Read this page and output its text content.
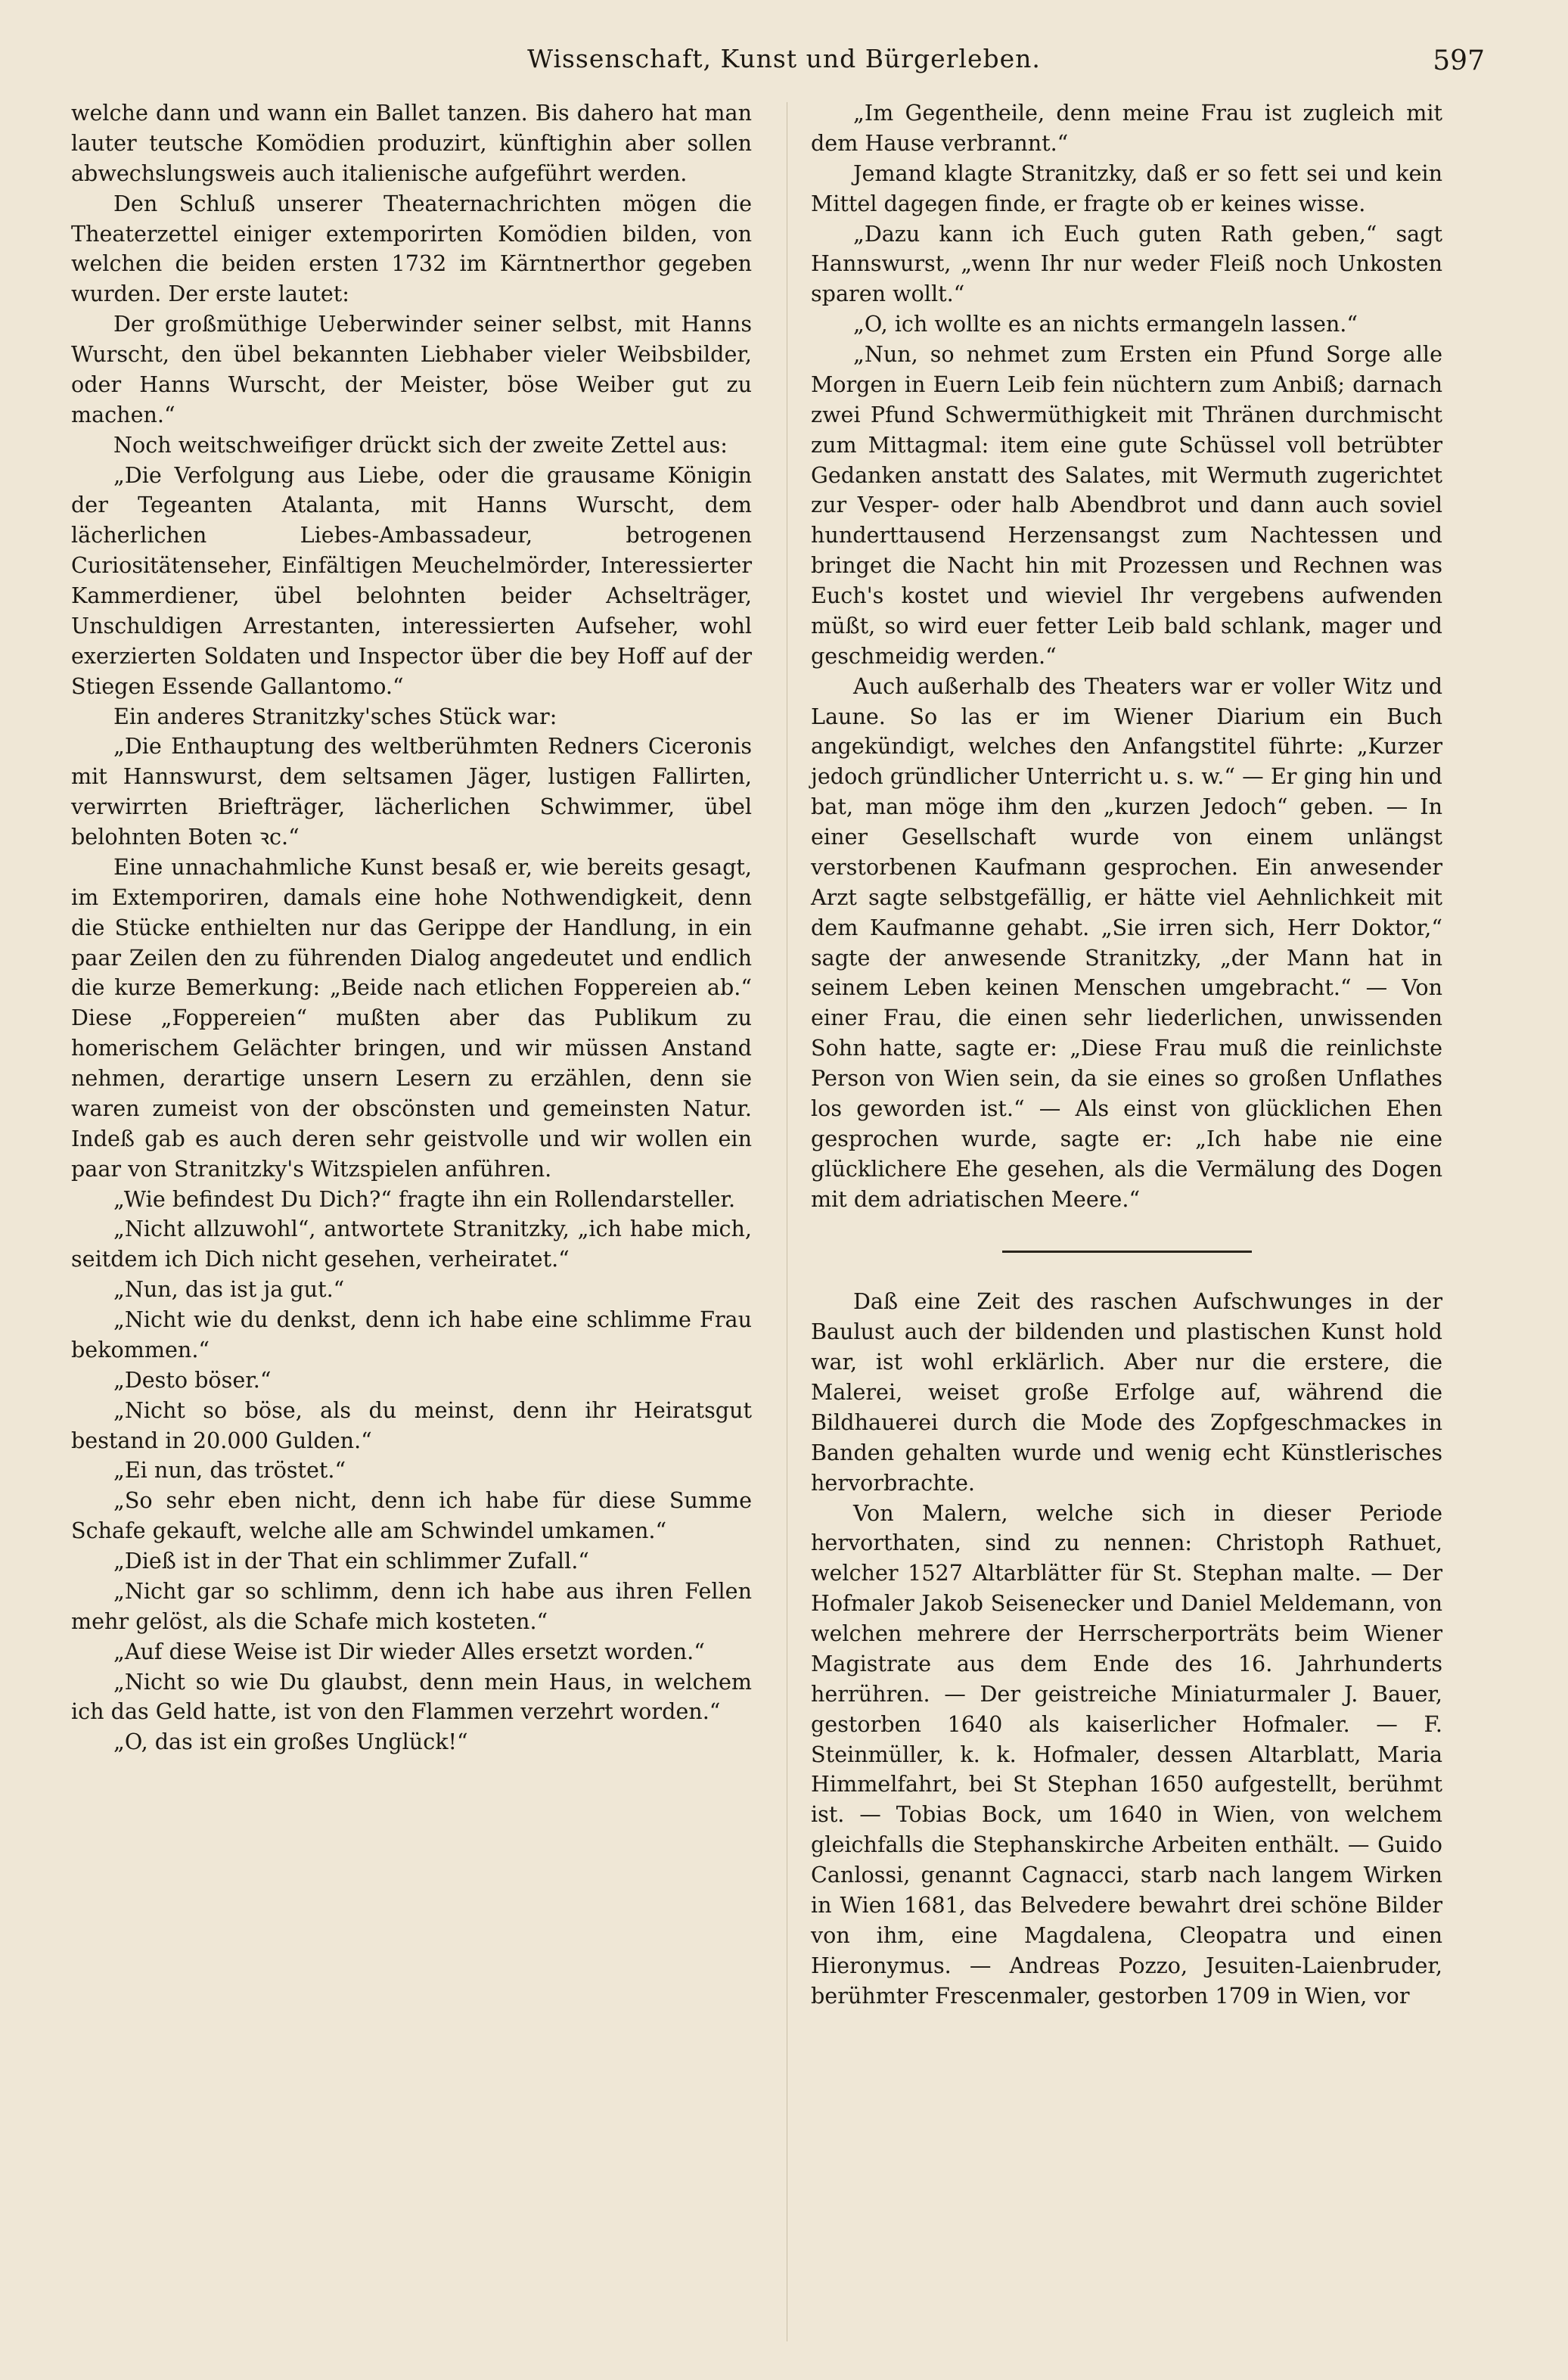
Wissenschaft, Kunst und Bürgerleben.	597

welche dann und wann ein Ballet tanzen. Bis dahero hat man lauter teutsche Komödien produzirt, künftighin aber sollen abwechslungsweis auch italienische aufgeführt werden.

Den Schluß unserer Theaternachrichten mögen die Theaterzettel einiger extemporirten Komödien bilden, von welchen die beiden ersten 1732 im Kärntnerthor gegeben wurden. Der erste lautet:

Der großmüthige Ueberwinder seiner selbst, mit Hanns Wurscht, den übel bekannten Liebhaber vieler Weibsbilder, oder Hanns Wurscht, der Meister, böse Weiber gut zu machen.“

Noch weitschweifiger drückt sich der zweite Zettel aus:

„Die Verfolgung aus Liebe, oder die grausame Königin der Tegeanten Atalanta, mit Hanns Wurscht, dem lächerlichen Liebes-Ambassadeur, betrogenen Curiositätenseher, Einfältigen Meuchelmörder, Interessierter Kammerdiener, übel belohnten beider Achselträger, Unschuldigen Arrestanten, interessierten Aufseher, wohl exerzierten Soldaten und Inspector über die bey Hoff auf der Stiegen Essende Gallantomo.“

Ein anderes Stranitzky'sches Stück war:

„Die Enthauptung des weltberühmten Redners Ciceronis mit Hannswurst, dem seltsamen Jäger, lustigen Fallirten, verwirrten Briefträger, lächerlichen Schwimmer, übel belohnten Boten ꝛc.“

Eine unnachahmliche Kunst besaß er, wie bereits gesagt, im Extemporiren, damals eine hohe Nothwendigkeit, denn die Stücke enthielten nur das Gerippe der Handlung, in ein paar Zeilen den zu führenden Dialog angedeutet und endlich die kurze Bemerkung: „Beide nach etlichen Foppereien ab.“ Diese „Foppereien“ mußten aber das Publikum zu homerischem Gelächter bringen, und wir müssen Anstand nehmen, derartige unsern Lesern zu erzählen, denn sie waren zumeist von der obscönsten und gemeinsten Natur. Indeß gab es auch deren sehr geistvolle und wir wollen ein paar von Stranitzky's Witzspielen anführen.

„Wie befindest Du Dich?“ fragte ihn ein Rollendarsteller.

„Nicht allzuwohl“, antwortete Stranitzky, „ich habe mich, seitdem ich Dich nicht gesehen, verheiratet.“

„Nun, das ist ja gut.“

„Nicht wie du denkst, denn ich habe eine schlimme Frau bekommen.“

„Desto böser.“

„Nicht so böse, als du meinst, denn ihr Heiratsgut bestand in 20.000 Gulden.“

„Ei nun, das tröstet.“

„So sehr eben nicht, denn ich habe für diese Summe Schafe gekauft, welche alle am Schwindel umkamen.“

„Dieß ist in der That ein schlimmer Zufall.“

„Nicht gar so schlimm, denn ich habe aus ihren Fellen mehr gelöst, als die Schafe mich kosteten.“

„Auf diese Weise ist Dir wieder Alles ersetzt worden.“

„Nicht so wie Du glaubst, denn mein Haus, in welchem ich das Geld hatte, ist von den Flammen verzehrt worden.“

„O, das ist ein großes Unglück!“

„Im Gegentheile, denn meine Frau ist zugleich mit dem Hause verbrannt.“

Jemand klagte Stranitzky, daß er so fett sei und kein Mittel dagegen finde, er fragte ob er keines wisse.

„Dazu kann ich Euch guten Rath geben,“ sagt Hannswurst, „wenn Ihr nur weder Fleiß noch Unkosten sparen wollt.“

„O, ich wollte es an nichts ermangeln lassen.“

„Nun, so nehmet zum Ersten ein Pfund Sorge alle Morgen in Euern Leib fein nüchtern zum Anbiß; darnach zwei Pfund Schwermüthigkeit mit Thränen durchmischt zum Mittagmal: item eine gute Schüssel voll betrübter Gedanken anstatt des Salates, mit Wermuth zugerichtet zur Vesper- oder halb Abendbrot und dann auch soviel hunderttausend Herzensangst zum Nachtessen und bringet die Nacht hin mit Prozessen und Rechnen was Euch's kostet und wieviel Ihr vergebens aufwenden müßt, so wird euer fetter Leib bald schlank, mager und geschmeidig werden.“

Auch außerhalb des Theaters war er voller Witz und Laune. So las er im Wiener Diarium ein Buch angekündigt, welches den Anfangstitel führte: „Kurzer jedoch gründlicher Unterricht u. s. w.“ — Er ging hin und bat, man möge ihm den „kurzen Jedoch“ geben. — In einer Gesellschaft wurde von einem unlängst verstorbenen Kaufmann gesprochen. Ein anwesender Arzt sagte selbstgefällig, er hätte viel Aehnlichkeit mit dem Kaufmanne gehabt. „Sie irren sich, Herr Doktor,“ sagte der anwesende Stranitzky, „der Mann hat in seinem Leben keinen Menschen umgebracht.“ — Von einer Frau, die einen sehr liederlichen, unwissenden Sohn hatte, sagte er: „Diese Frau muß die reinlichste Person von Wien sein, da sie eines so großen Unflathes los geworden ist.“ — Als einst von glücklichen Ehen gesprochen wurde, sagte er: „Ich habe nie eine glücklichere Ehe gesehen, als die Vermälung des Dogen mit dem adriatischen Meere.“

Daß eine Zeit des raschen Aufschwunges in der Baulust auch der bildenden und plastischen Kunst hold war, ist wohl erklärlich. Aber nur die erstere, die Malerei, weiset große Erfolge auf, während die Bildhauerei durch die Mode des Zopfgeschmackes in Banden gehalten wurde und wenig echt Künstlerisches hervorbrachte.

Von Malern, welche sich in dieser Periode hervorthaten, sind zu nennen: Christoph Rathuet, welcher 1527 Altarblätter für St. Stephan malte. — Der Hofmaler Jakob Seisenecker und Daniel Meldemann, von welchen mehrere der Herrscherporträts beim Wiener Magistrate aus dem Ende des 16. Jahrhunderts herrühren. — Der geistreiche Miniaturmaler J. Bauer, gestorben 1640 als kaiserlicher Hofmaler. — F. Steinmüller, k. k. Hofmaler, dessen Altarblatt, Maria Himmelfahrt, bei St Stephan 1650 aufgestellt, berühmt ist. — Tobias Bock, um 1640 in Wien, von welchem gleichfalls die Stephanskirche Arbeiten enthält. — Guido Canlossi, genannt Cagnacci, starb nach langem Wirken in Wien 1681, das Belvedere bewahrt drei schöne Bilder von ihm, eine Magdalena, Cleopatra und einen Hieronymus. — Andreas Pozzo, Jesuiten-Laienbruder, berühmter Frescenmaler, gestorben 1709 in Wien, vor
